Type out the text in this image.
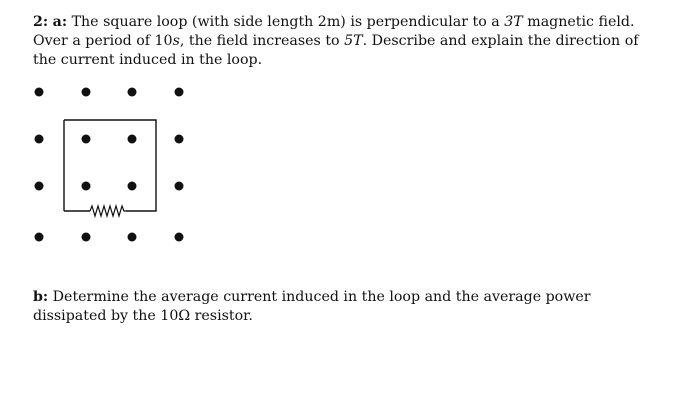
2: a: The square loop (with side length 2m) is perpendicular to a 3T magnetic field. Over a period of 10s, the field increases to 5T. Describe and explain the direction of the current induced in the loop.

b: Determine the average current induced in the loop and the average power dissipated by the 10Ω resistor.
